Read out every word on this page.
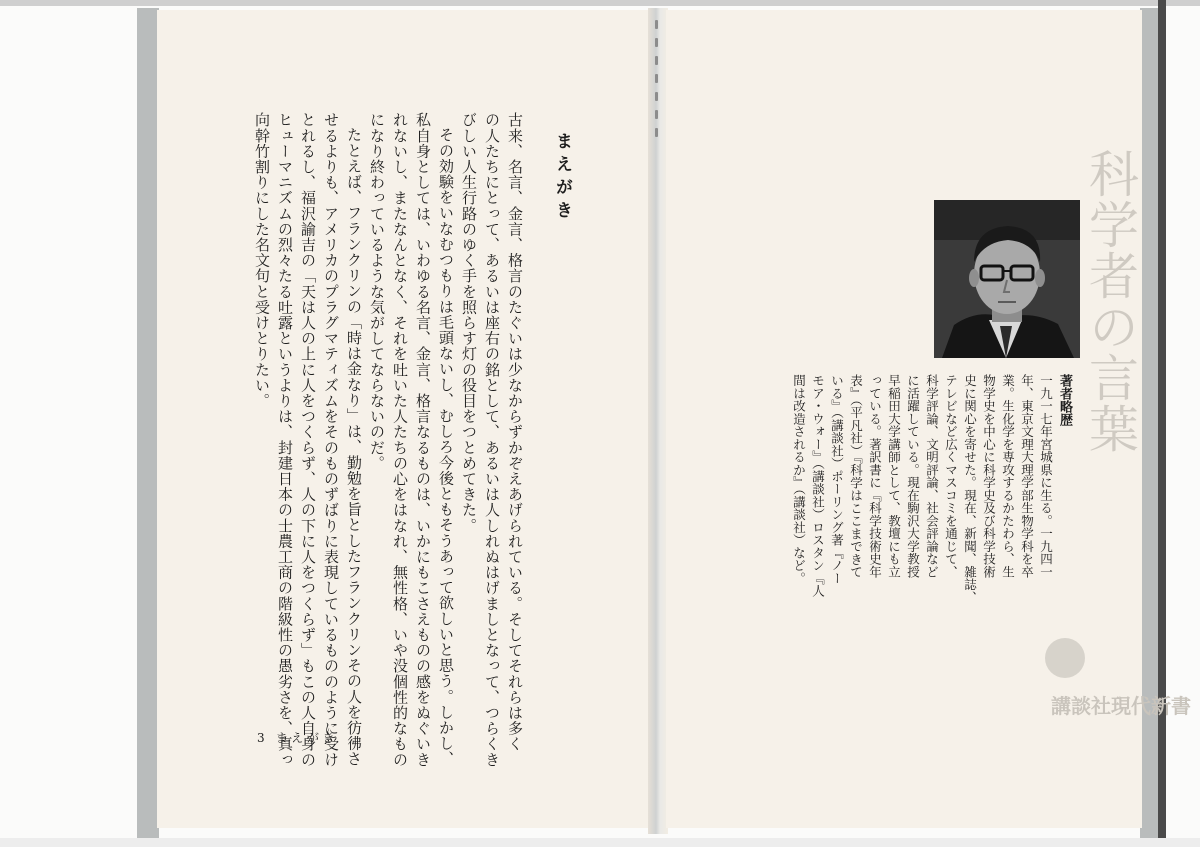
まえがき
古来、名言、金言、格言のたぐいは少なからずかぞえあげられている。そしてそれらは多く
の人たちにとって、あるいは座右の銘として、あるいは人しれぬはげましとなって、つらくき
びしい人生行路のゆく手を照らす灯の役目をつとめてきた。
その効験をいなむつもりは毛頭ないし、むしろ今後ともそうあって欲しいと思う。しかし、
私自身としては、いわゆる名言、金言、格言なるものは、いかにもこさえものの感をぬぐいき
れないし、またなんとなく、それを吐いた人たちの心をはなれ、無性格、いや没個性的なもの
になり終わっているような気がしてならないのだ。
たとえば、フランクリンの「時は金なり」は、勤勉を旨としたフランクリンその人を彷彿さ
せるよりも、アメリカのプラグマティズムをそのものずばりに表現しているもののように受け
とれるし、福沢諭吉の「天は人の上に人をつくらず、人の下に人をつくらず」もこの人自身の
ヒューマニズムの烈々たる吐露というよりは、封建日本の士農工商の階級性の愚劣さを、真っ
向幹竹割りにした名文句と受けとりたい。
3 まえがき
科学者の言葉
講談社現代新書
著者略歴
一九一七年宮城県に生る。一九四一
年、東京文理大理学部生物学科を卒
業。生化学を専攻するかたわら、生
物学史を中心に科学史及び科学技術
史に関心を寄せた。現在、新聞、雑誌、
テレビなど広くマスコミを通じて、
科学評論、文明評論、社会評論など
に活躍している。現在駒沢大学教授
早稲田大学講師として、教壇にも立
っている。著訳書に『科学技術史年
表』（平凡社）『科学はここまできて
いる』（講談社）ポーリング著『ノー
モア・ウォー』（講談社）ロスタン『人
間は改造されるか』（講談社）など。
